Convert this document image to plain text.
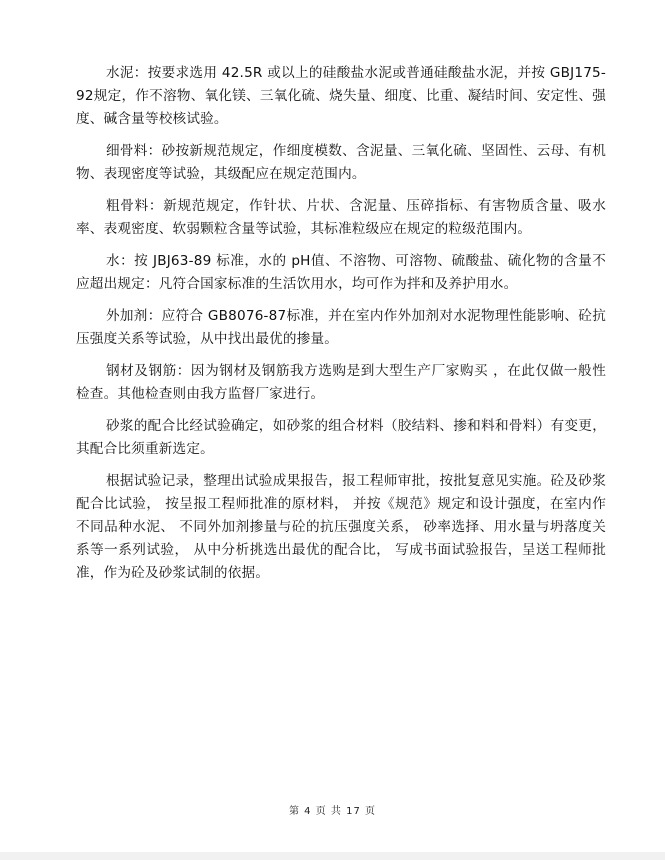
水泥：按要求选用 42.5R 或以上的硅酸盐水泥或普通硅酸盐水泥，并按 GBJ175-92规定，作不溶物、氧化镁、三氧化硫、烧失量、细度、比重、凝结时间、安定性、强度、碱含量等校核试验。

细骨料：砂按新规范规定，作细度模数、含泥量、三氧化硫、坚固性、云母、有机物、表现密度等试验，其级配应在规定范围内。

粗骨料：新规范规定，作针状、片状、含泥量、压碎指标、有害物质含量、吸水率、表观密度、软弱颗粒含量等试验，其标准粒级应在规定的粒级范围内。

水：按 JBJ63-89 标准，水的 pH值、不溶物、可溶物、硫酸盐、硫化物的含量不应超出规定：凡符合国家标准的生活饮用水，均可作为拌和及养护用水。

外加剂：应符合 GB8076-87标准，并在室内作外加剂对水泥物理性能影响、砼抗压强度关系等试验，从中找出最优的掺量。

钢材及钢筋：因为钢材及钢筋我方选购是到大型生产厂家购买 ，在此仅做一般性检查。其他检查则由我方监督厂家进行。

砂浆的配合比经试验确定，如砂浆的组合材料（胶结料、掺和料和骨料）有变更，其配合比须重新选定。

根据试验记录，整理出试验成果报告，报工程师审批，按批复意见实施。砼及砂浆配合比试验， 按呈报工程师批准的原材料， 并按《规范》规定和设计强度，在室内作不同品种水泥、 不同外加剂掺量与砼的抗压强度关系， 砂率选择、用水量与坍落度关系等一系列试验， 从中分析挑选出最优的配合比， 写成书面试验报告，呈送工程师批准，作为砼及砂浆试制的依据。

第 4 页 共 17 页
